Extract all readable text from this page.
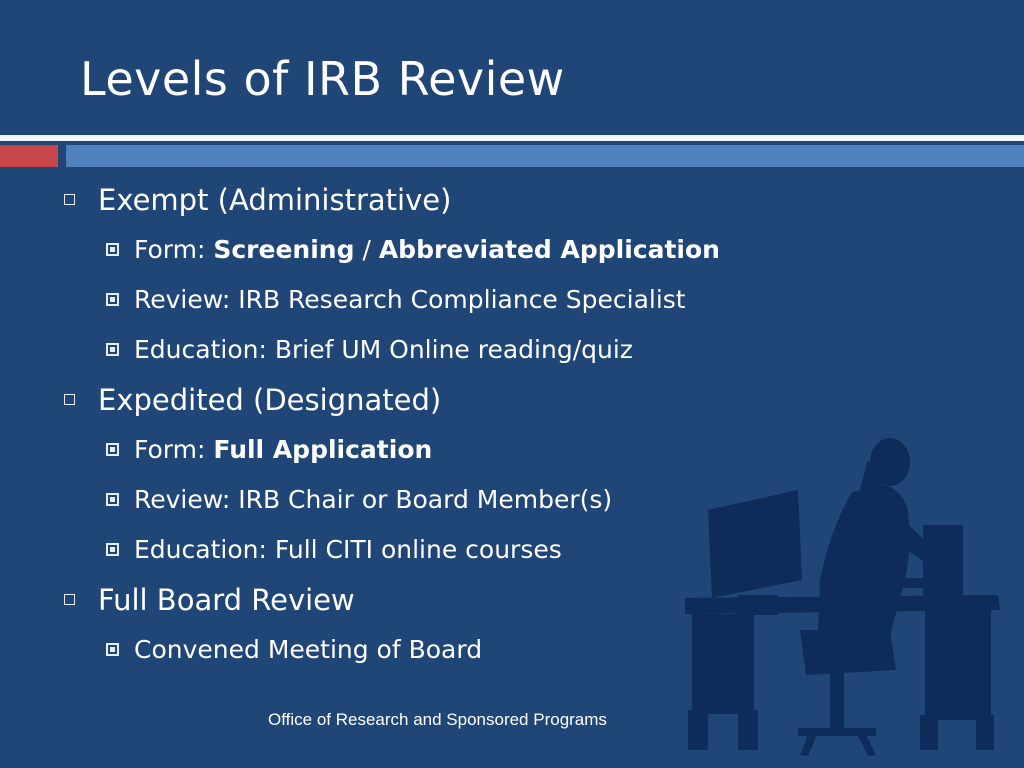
Levels of IRB Review
Exempt (Administrative)
Form: Screening / Abbreviated Application
Review: IRB Research Compliance Specialist
Education: Brief UM Online reading/quiz
Expedited (Designated)
Form: Full Application
Review: IRB Chair or Board Member(s)
Education: Full CITI online courses
Full Board Review
Convened Meeting of Board
Office of Research and Sponsored Programs
